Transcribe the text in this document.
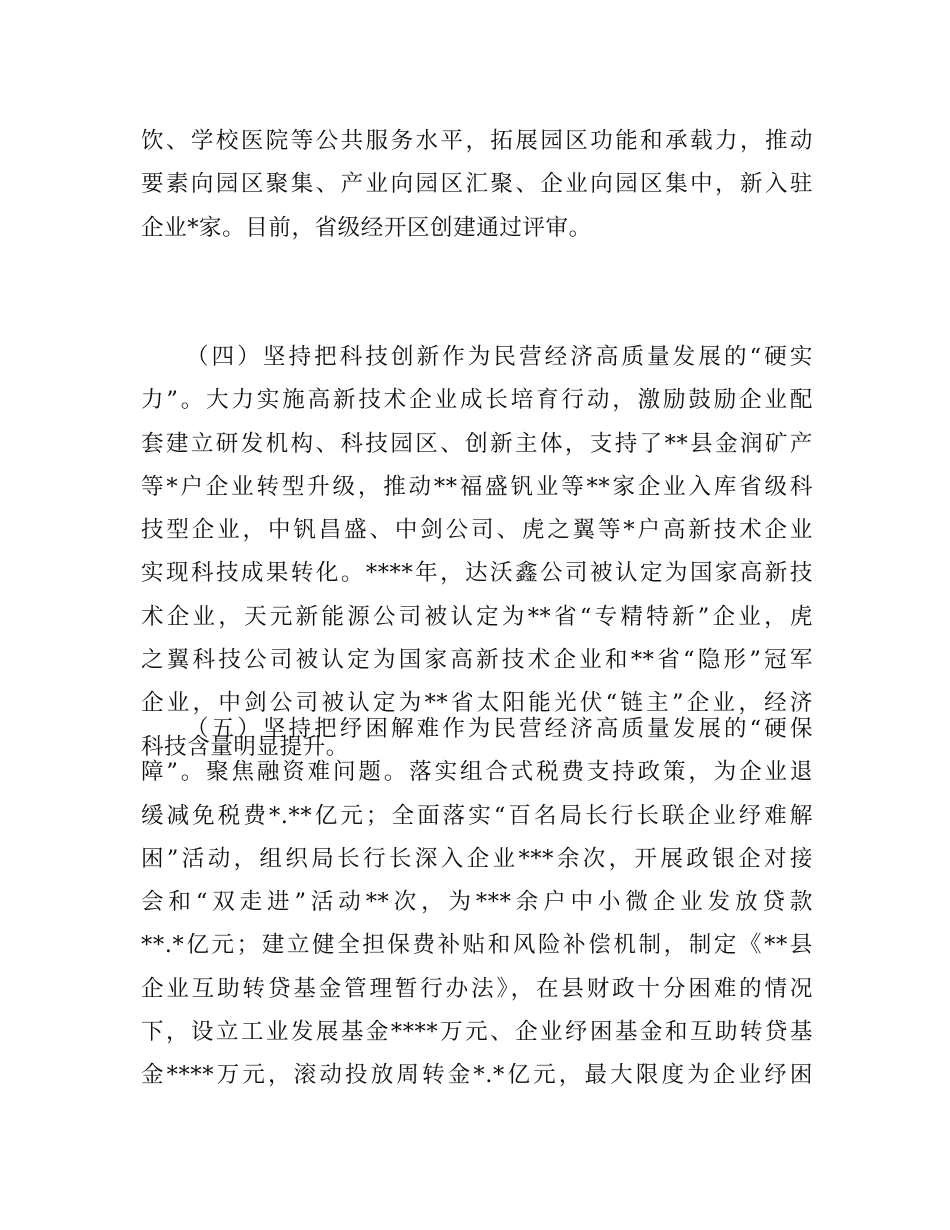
饮、学校医院等公共服务水平，拓展园区功能和承载力，推动
要素向园区聚集、产业向园区汇聚、企业向园区集中，新入驻
企业*家。目前，省级经开区创建通过评审。

（四）坚持把科技创新作为民营经济高质量发展的“硬实
力”。大力实施高新技术企业成长培育行动，激励鼓励企业配
套建立研发机构、科技园区、创新主体，支持了**县金润矿产
等*户企业转型升级，推动**福盛钒业等**家企业入库省级科
技型企业，中钒昌盛、中剑公司、虎之翼等*户高新技术企业
实现科技成果转化。****年，达沃鑫公司被认定为国家高新技
术企业，天元新能源公司被认定为**省“专精特新”企业，虎
之翼科技公司被认定为国家高新技术企业和**省“隐形”冠军
企业，中剑公司被认定为**省太阳能光伏“链主”企业，经济
科技含量明显提升。

（五）坚持把纾困解难作为民营经济高质量发展的“硬保
障”。聚焦融资难问题。落实组合式税费支持政策，为企业退
缓减免税费*.**亿元；全面落实“百名局长行长联企业纾难解
困”活动，组织局长行长深入企业***余次，开展政银企对接
会和“双走进”活动**次，为***余户中小微企业发放贷款
**.*亿元；建立健全担保费补贴和风险补偿机制，制定《**县
企业互助转贷基金管理暂行办法》，在县财政十分困难的情况
下，设立工业发展基金****万元、企业纾困基金和互助转贷基
金****万元，滚动投放周转金*.*亿元，最大限度为企业纾困
